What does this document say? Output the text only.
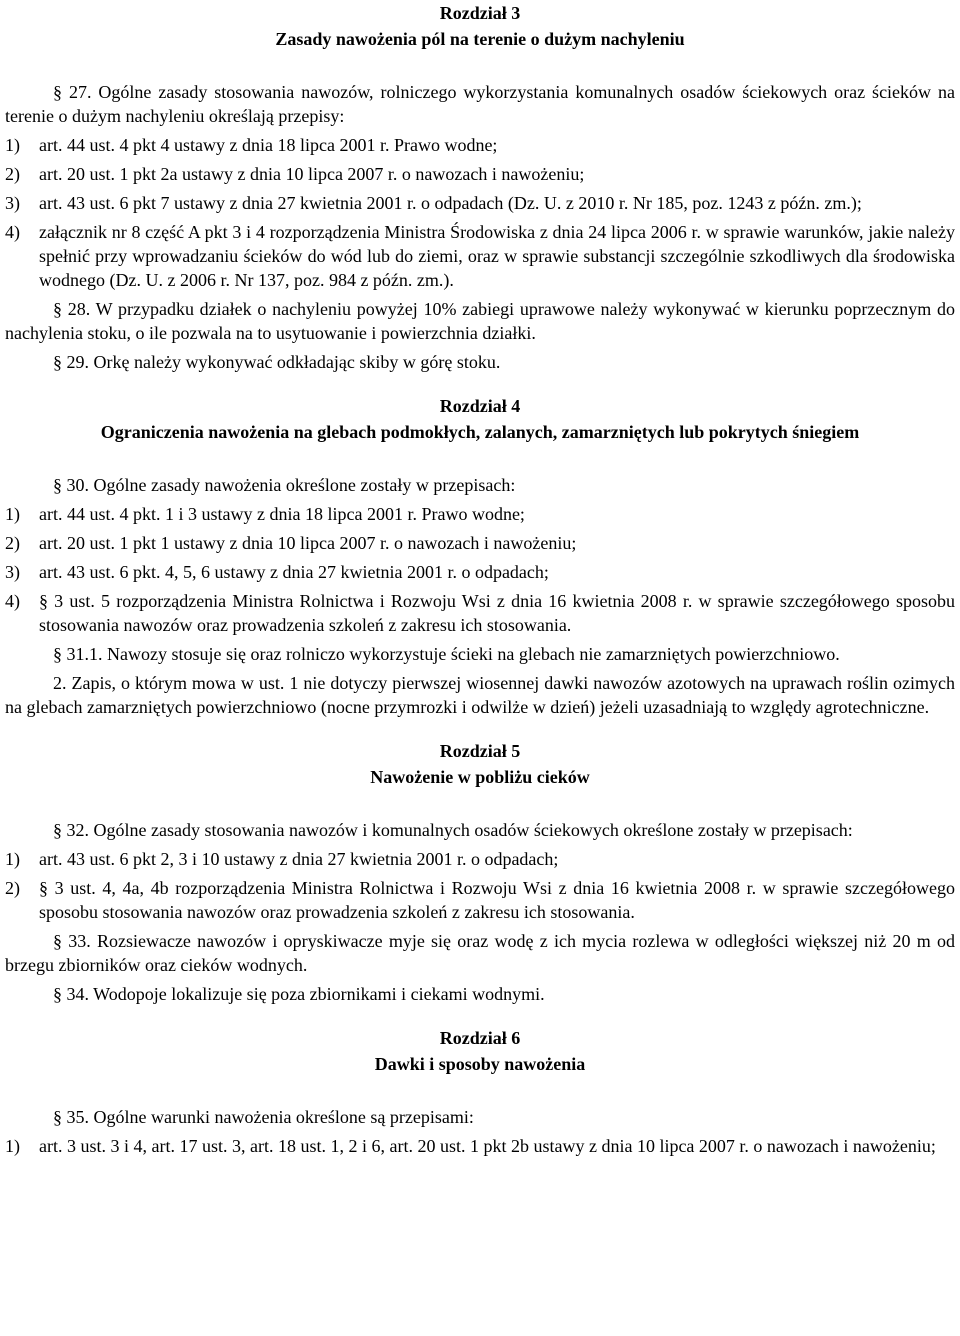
Rozdział 3

Zasady nawożenia pól na terenie o dużym nachyleniu

§ 27. Ogólne zasady stosowania nawozów, rolniczego wykorzystania komunalnych osadów ściekowych oraz ścieków na terenie o dużym nachyleniu określają przepisy:

1)	art. 44 ust. 4 pkt 4 ustawy z dnia 18 lipca 2001 r. Prawo wodne;
2)	art. 20 ust. 1 pkt 2a ustawy z dnia 10 lipca 2007 r. o nawozach i nawożeniu;
3)	art. 43 ust. 6 pkt 7 ustawy z dnia 27 kwietnia 2001 r. o odpadach (Dz. U. z 2010 r. Nr 185, poz. 1243 z późn. zm.);
4)	załącznik nr 8 część A pkt 3 i 4 rozporządzenia Ministra Środowiska z dnia 24 lipca 2006 r. w sprawie warunków, jakie należy spełnić przy wprowadzaniu ścieków do wód lub do ziemi, oraz w sprawie substancji szczególnie szkodliwych dla środowiska wodnego (Dz. U. z 2006 r. Nr 137, poz. 984 z późn. zm.).

§ 28. W przypadku działek o nachyleniu powyżej 10% zabiegi uprawowe należy wykonywać w kierunku poprzecznym do nachylenia stoku, o ile pozwala na to usytuowanie i powierzchnia działki.

§ 29. Orkę należy wykonywać odkładając skiby w górę stoku.

Rozdział 4

Ograniczenia nawożenia na glebach podmokłych, zalanych, zamarzniętych lub pokrytych śniegiem

§ 30. Ogólne zasady nawożenia określone zostały w przepisach:

1)	art. 44 ust. 4 pkt. 1 i 3 ustawy z dnia 18 lipca 2001 r. Prawo wodne;
2)	art. 20 ust. 1 pkt 1 ustawy z dnia 10 lipca 2007 r. o nawozach i nawożeniu;
3)	art. 43 ust. 6 pkt. 4, 5, 6 ustawy z dnia 27 kwietnia 2001 r. o odpadach;
4)	§ 3 ust. 5 rozporządzenia Ministra Rolnictwa i Rozwoju Wsi z dnia 16 kwietnia 2008 r. w sprawie szczegółowego sposobu stosowania nawozów oraz prowadzenia szkoleń z zakresu ich stosowania.

§ 31.1. Nawozy stosuje się oraz rolniczo wykorzystuje ścieki na glebach nie zamarzniętych powierzchniowo.

2. Zapis, o którym mowa w ust. 1 nie dotyczy pierwszej wiosennej dawki nawozów azotowych na uprawach roślin ozimych na glebach zamarzniętych powierzchniowo (nocne przymrozki i odwilże w dzień) jeżeli uzasadniają to względy agrotechniczne.

Rozdział 5

Nawożenie w pobliżu cieków

§ 32. Ogólne zasady stosowania nawozów i komunalnych osadów ściekowych określone zostały w przepisach:

1)	art. 43 ust. 6 pkt 2, 3 i 10 ustawy z dnia 27 kwietnia 2001 r. o odpadach;
2)	§ 3 ust. 4, 4a, 4b rozporządzenia Ministra Rolnictwa i Rozwoju Wsi z dnia 16 kwietnia 2008 r. w sprawie szczegółowego sposobu stosowania nawozów oraz prowadzenia szkoleń z zakresu ich stosowania.

§ 33. Rozsiewacze nawozów i opryskiwacze myje się oraz wodę z ich mycia rozlewa w odległości większej niż 20 m od brzegu zbiorników oraz cieków wodnych.

§ 34. Wodopoje lokalizuje się poza zbiornikami i ciekami wodnymi.

Rozdział 6

Dawki i sposoby nawożenia

§ 35. Ogólne warunki nawożenia określone są przepisami:

1)	art. 3 ust. 3 i 4, art. 17 ust. 3, art. 18 ust. 1, 2 i 6, art. 20 ust. 1 pkt 2b ustawy z dnia 10 lipca 2007 r. o nawozach i nawożeniu;
